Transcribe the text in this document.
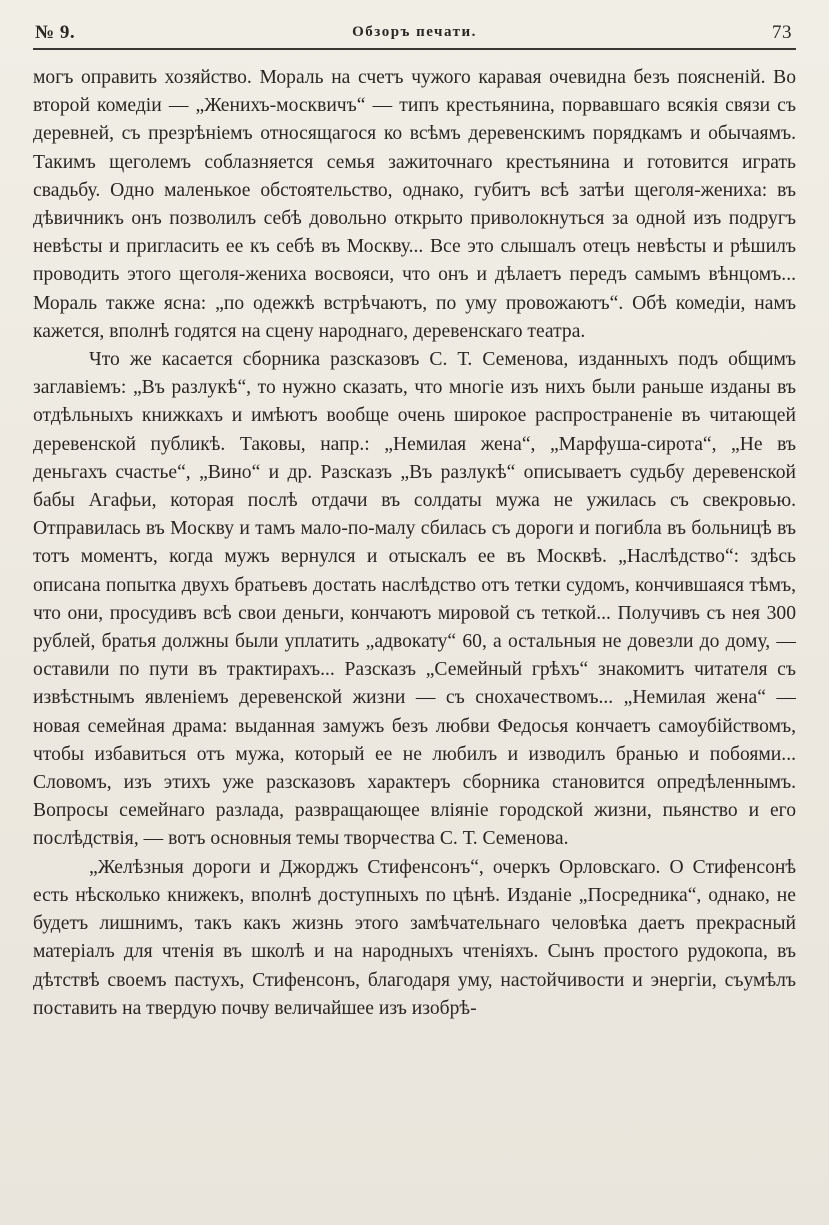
№ 9.	Обзоръ печати.	73

могъ оправить хозяйство. Мораль на счетъ чужого каравая очевидна безъ поясненій. Во второй комедіи — „Женихъ-москвичъ“ — типъ крестьянина, порвавшаго всякія связи съ деревней, съ презрѣніемъ относящагося ко всѣмъ деревенскимъ порядкамъ и обычаямъ. Такимъ щеголемъ соблазняется семья зажиточнаго крестьянина и готовится играть свадьбу. Одно маленькое обстоятельство, однако, губитъ всѣ затѣи щеголя-жениха: въ дѣвичникъ онъ позволилъ себѣ довольно открыто приволокнуться за одной изъ подругъ невѣсты и пригласить ее къ себѣ въ Москву... Все это слышалъ отецъ невѣсты и рѣшилъ проводить этого щеголя-жениха восвояси, что онъ и дѣлаетъ передъ самымъ вѣнцомъ... Мораль также ясна: „по одежкѣ встрѣчаютъ, по уму провожаютъ“. Обѣ комедіи, намъ кажется, вполнѣ годятся на сцену народнаго, деревенскаго театра.

Что же касается сборника разсказовъ С. Т. Семенова, изданныхъ подъ общимъ заглавіемъ: „Въ разлукѣ“, то нужно сказать, что многіе изъ нихъ были раньше изданы въ отдѣльныхъ книжкахъ и имѣютъ вообще очень широкое распространеніе въ читающей деревенской публикѣ. Таковы, напр.: „Немилая жена“, „Марфуша-сирота“, „Не въ деньгахъ счастье“, „Вино“ и др. Разсказъ „Въ разлукѣ“ описываетъ судьбу деревенской бабы Агафьи, которая послѣ отдачи въ солдаты мужа не ужилась съ свекровью. Отправилась въ Москву и тамъ мало-по-малу сбилась съ дороги и погибла въ больницѣ въ тотъ моментъ, когда мужъ вернулся и отыскалъ ее въ Москвѣ. „Наслѣдство“: здѣсь описана попытка двухъ братьевъ достать наслѣдство отъ тетки судомъ, кончившаяся тѣмъ, что они, просудивъ всѣ свои деньги, кончаютъ мировой съ теткой... Получивъ съ нея 300 рублей, братья должны были уплатить „адвокату“ 60, а остальныя не довезли до дому, — оставили по пути въ трактирахъ... Разсказъ „Семейный грѣхъ“ знакомитъ читателя съ извѣстнымъ явленіемъ деревенской жизни — съ снохачествомъ... „Немилая жена“ — новая семейная драма: выданная замужъ безъ любви Федосья кончаетъ самоубійствомъ, чтобы избавиться отъ мужа, который ее не любилъ и изводилъ бранью и побоями... Словомъ, изъ этихъ уже разсказовъ характеръ сборника становится опредѣленнымъ. Вопросы семейнаго разлада, развращающее вліяніе городской жизни, пьянство и его послѣдствія, — вотъ основныя темы творчества С. Т. Семенова.

„Желѣзныя дороги и Джорджъ Стифенсонъ“, очеркъ Орловскаго. О Стифенсонѣ есть нѣсколько книжекъ, вполнѣ доступныхъ по цѣнѣ. Изданіе „Посредника“, однако, не будетъ лишнимъ, такъ какъ жизнь этого замѣчательнаго человѣка даетъ прекрасный матеріалъ для чтенія въ школѣ и на народныхъ чтеніяхъ. Сынъ простого рудокопа, въ дѣтствѣ своемъ пастухъ, Стифенсонъ, благодаря уму, настойчивости и энергіи, съумѣлъ поставить на твердую почву величайшее изъ изобрѣ-
